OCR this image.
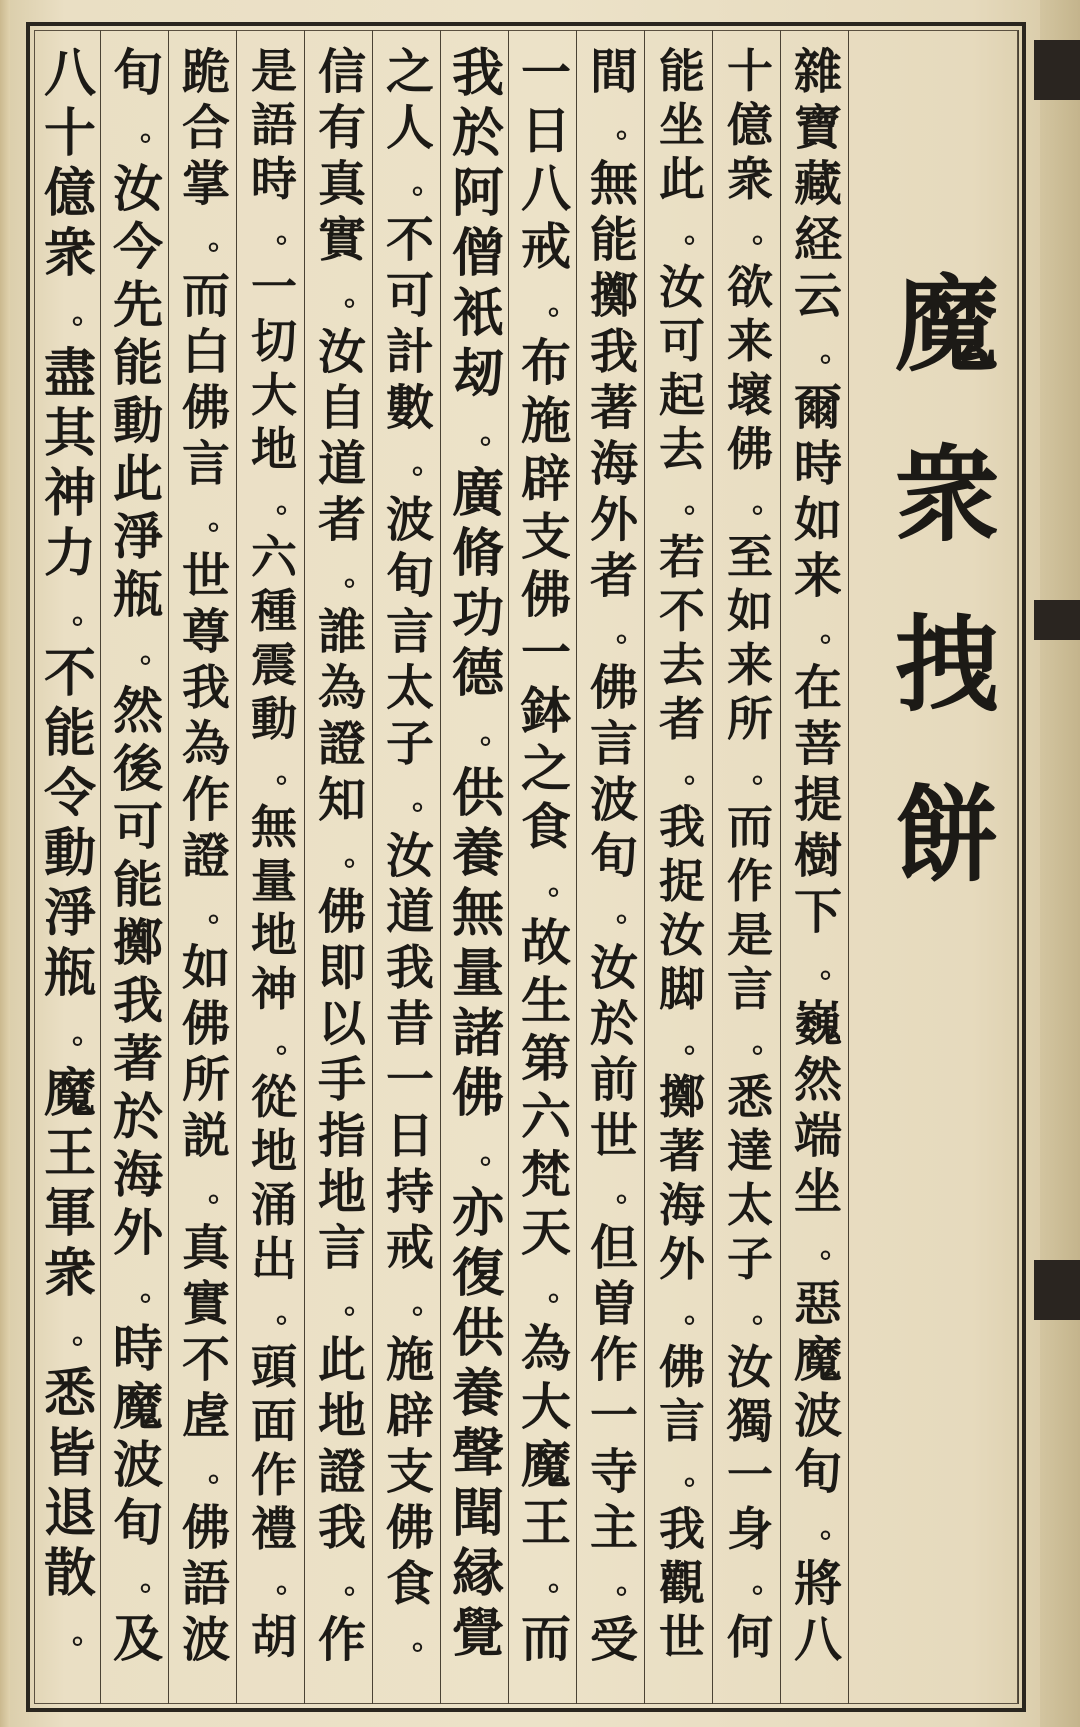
魔
衆
拽
餅
雜
寶
藏
経
云
。
爾
時
如
来
。
在
菩
提
樹
下
。
巍
然
端
坐
。
惡
魔
波
旬
。
將
八
十
億
衆
。
欲
来
壞
佛
。
至
如
来
所
。
而
作
是
言
。
悉
達
太
子
。
汝
獨
一
身
。
何
能
坐
此
。
汝
可
起
去
。
若
不
去
者
。
我
捉
汝
脚
。
擲
著
海
外
。
佛
言
。
我
觀
世
間
。
無
能
擲
我
著
海
外
者
。
佛
言
波
旬
。
汝
於
前
世
。
但
曽
作
一
寺
主
。
受
一
日
八
戒
。
布
施
辟
支
佛
一
鉢
之
食
。
故
生
第
六
梵
天
。
為
大
魔
王
。
而
我
於
阿
僧
衹
刼
。
廣
脩
功
德
。
供
養
無
量
諸
佛
。
亦
復
供
養
聲
聞
縁
覺
之
人
。
不
可
計
數
。
波
旬
言
太
子
。
汝
道
我
昔
一
日
持
戒
。
施
辟
支
佛
食
。
信
有
真
實
。
汝
自
道
者
。
誰
為
證
知
。
佛
即
以
手
指
地
言
。
此
地
證
我
。
作
是
語
時
。
一
切
大
地
。
六
種
震
動
。
無
量
地
神
。
從
地
涌
出
。
頭
面
作
禮
。
胡
跪
合
掌
。
而
白
佛
言
。
世
尊
我
為
作
證
。
如
佛
所
説
。
真
實
不
虗
。
佛
語
波
旬
。
汝
今
先
能
動
此
淨
瓶
。
然
後
可
能
擲
我
著
於
海
外
。
時
魔
波
旬
。
及
八
十
億
衆
。
盡
其
神
力
。
不
能
令
動
淨
瓶
。
魔
王
軍
衆
。
悉
皆
退
散
。
